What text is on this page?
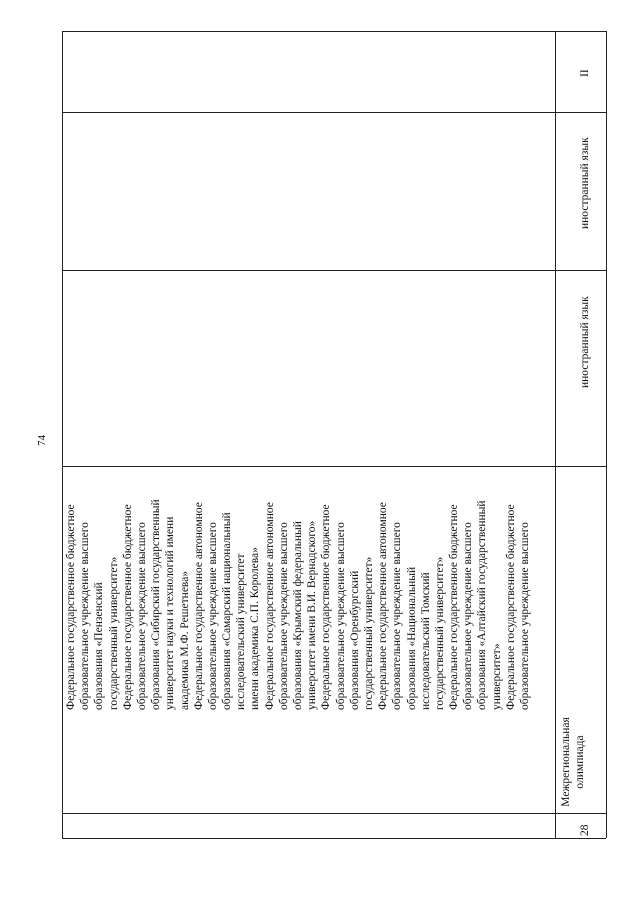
74
28
Межрегиональная олимпиада
Федеральное государственное бюджетное образовательное учреждение высшего образования «Пензенский государственный университет» Федеральное государственное бюджетное образовательное учреждение высшего образования «Сибирский государственный университет науки и технологий имени академика М.Ф. Решетнева» Федеральное государственное автономное образовательное учреждение высшего образования «Самарский национальный исследовательский университет имени академика С.П. Королева» Федеральное государственное автономное образовательное учреждение высшего образования «Крымский федеральный университет имени В.И. Вернадского» Федеральное государственное бюджетное образовательное учреждение высшего образования «Оренбургский государственный университет» Федеральное государственное автономное образовательное учреждение высшего образования «Национальный исследовательский Томский государственный университет» Федеральное государственное бюджетное образовательное учреждение высшего образования «Алтайский государственный университет» Федеральное государственное бюджетное образовательное учреждение высшего
иностранный язык
иностранный язык
II
